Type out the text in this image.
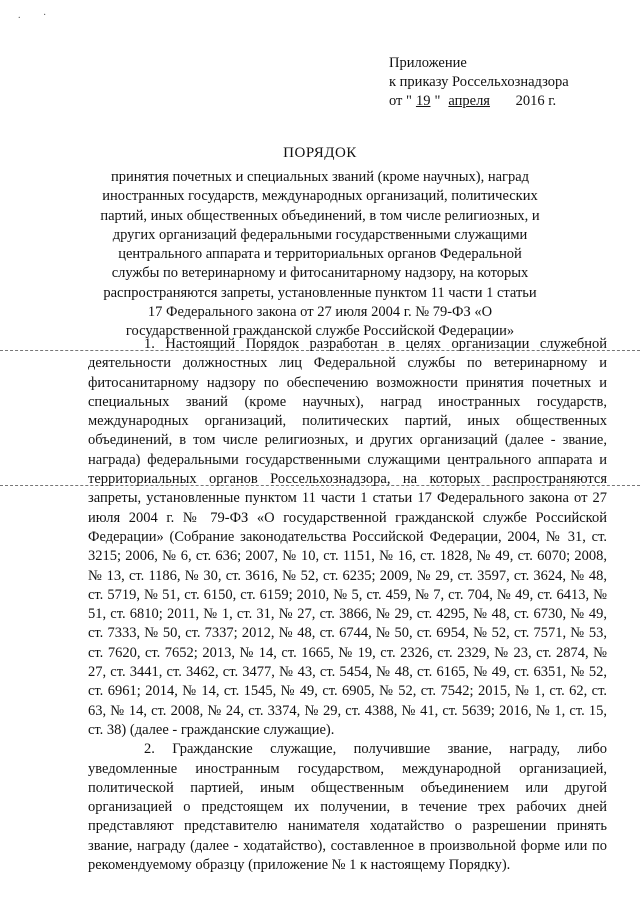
. ·
Приложение
к приказу Россельхознадзора
от " 19 " апреля 2016 г.
ПОРЯДОК
принятия почетных и специальных званий (кроме научных), наград иностранных государств, международных организаций, политических партий, иных общественных объединений, в том числе религиозных, и других организаций федеральными государственными служащими центрального аппарата и территориальных органов Федеральной службы по ветеринарному и фитосанитарному надзору, на которых распространяются запреты, установленные пунктом 11 части 1 статьи 17 Федерального закона от 27 июля 2004 г. № 79-ФЗ «О государственной гражданской службе Российской Федерации»

1. Настоящий Порядок разработан в целях организации служебной деятельности должностных лиц Федеральной службы по ветеринарному и фитосанитарному надзору по обеспечению возможности принятия почетных и специальных званий (кроме научных), наград иностранных государств, международных организаций, политических партий, иных общественных объединений, в том числе религиозных, и других организаций (далее - звание, награда) федеральными государственными служащими центрального аппарата и территориальных органов Россельхознадзора, на которых распространяются запреты, установленные пунктом 11 части 1 статьи 17 Федерального закона от 27 июля 2004 г. № 79-ФЗ «О государственной гражданской службе Российской Федерации» (Собрание законодательства Российской Федерации, 2004, № 31, ст. 3215; 2006, № 6, ст. 636; 2007, № 10, ст. 1151, № 16, ст. 1828, № 49, ст. 6070; 2008, № 13, ст. 1186, № 30, ст. 3616, № 52, ст. 6235; 2009, № 29, ст. 3597, ст. 3624, № 48, ст. 5719, № 51, ст. 6150, ст. 6159; 2010, № 5, ст. 459, № 7, ст. 704, № 49, ст. 6413, № 51, ст. 6810; 2011, № 1, ст. 31, № 27, ст. 3866, № 29, ст. 4295, № 48, ст. 6730, № 49, ст. 7333, № 50, ст. 7337; 2012, № 48, ст. 6744, № 50, ст. 6954, № 52, ст. 7571, № 53, ст. 7620, ст. 7652; 2013, № 14, ст. 1665, № 19, ст. 2326, ст. 2329, № 23, ст. 2874, № 27, ст. 3441, ст. 3462, ст. 3477, № 43, ст. 5454, № 48, ст. 6165, № 49, ст. 6351, № 52, ст. 6961; 2014, № 14, ст. 1545, № 49, ст. 6905, № 52, ст. 7542; 2015, № 1, ст. 62, ст. 63, № 14, ст. 2008, № 24, ст. 3374, № 29, ст. 4388, № 41, ст. 5639; 2016, № 1, ст. 15, ст. 38) (далее - гражданские служащие).

2. Гражданские служащие, получившие звание, награду, либо уведомленные иностранным государством, международной организацией, политической партией, иным общественным объединением или другой организацией о предстоящем их получении, в течение трех рабочих дней представляют представителю нанимателя ходатайство о разрешении принять звание, награду (далее - ходатайство), составленное в произвольной форме или по рекомендуемому образцу (приложение № 1 к настоящему Порядку).
